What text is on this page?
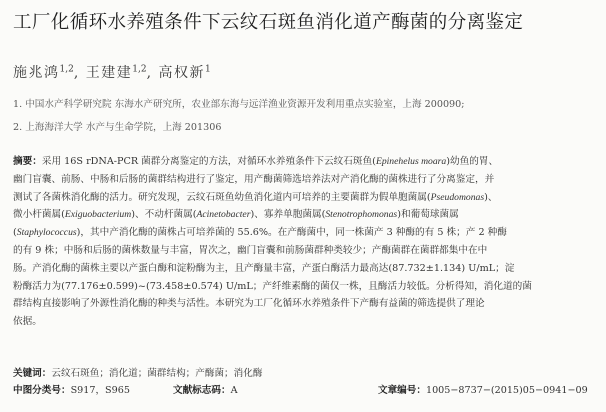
工厂化循环水养殖条件下云纹石斑鱼消化道产酶菌的分离鉴定
施兆鸿$^{1,2}$, 王建建$^{1,2}$, 高权新$^1$
1. 中国水产科学研究院 东海水产研究所，农业部东海与远洋渔业资源开发利用重点实验室，上海 200090;
2. 上海海洋大学 水产与生命学院，上海 201306
摘要：采用 16S rDNA-PCR 菌群分离鉴定的方法，对循环水养殖条件下云纹石斑鱼(Epinehelus moara)幼鱼的胃、
幽门盲囊、前肠、中肠和后肠的菌群结构进行了鉴定，用产酶菌筛选培养法对产消化酶的菌株进行了分离鉴定，并
测试了各菌株消化酶的活力。研究发现，云纹石斑鱼幼鱼消化道内可培养的主要菌群为假单胞菌属(Pseudomonas)、
微小杆菌属(Exiguobacterium)、不动杆菌属(Acinetobacter)、寡养单胞菌属(Stenotrophomonas)和葡萄球菌属
(Staphylococcus)，其中产消化酶的菌株占可培养菌的 55.6%。在产酶菌中，同一株菌产 3 种酶的有 5 株；产 2 种酶
的有 9 株；中肠和后肠的菌株数量与丰富，胃次之，幽门盲囊和前肠菌群种类较少；产酶菌群在菌群都集中在中
肠。产消化酶的菌株主要以产蛋白酶和淀粉酶为主，且产酶量丰富，产蛋白酶活力最高达(87.732±1.134) U/mL；淀
粉酶活力为(77.176±0.599)~(73.458±0.574) U/mL；产纤维素酶的菌仅一株，且酶活力较低。分析得知，消化道的菌
群结构直接影响了外源性消化酶的种类与活性。本研究为工厂化循环水养殖条件下产酶有益菌的筛选提供了理论
依据。
关键词：云纹石斑鱼；消化道；菌群结构；产酶菌；消化酶
中图分类号：S917，S965	文献标志码：A	文章编号：1005−8737−(2015)05−0941−09
